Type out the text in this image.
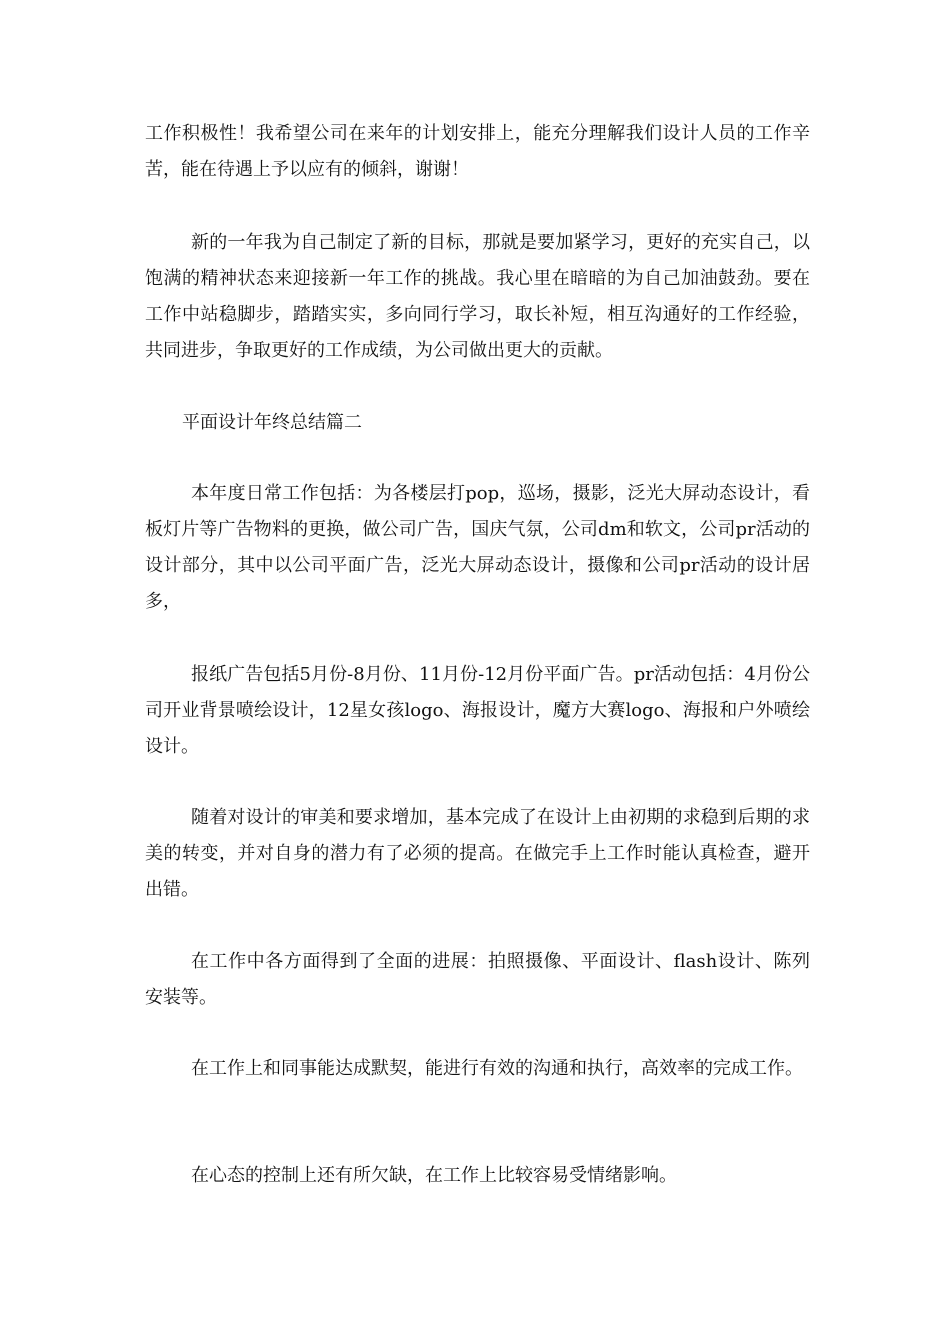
工作积极性！我希望公司在来年的计划安排上，能充分理解我们设计人员的工作辛苦，能在待遇上予以应有的倾斜，谢谢！

新的一年我为自己制定了新的目标，那就是要加紧学习，更好的充实自己，以饱满的精神状态来迎接新一年工作的挑战。我心里在暗暗的为自己加油鼓劲。要在工作中站稳脚步，踏踏实实，多向同行学习，取长补短，相互沟通好的工作经验，共同进步，争取更好的工作成绩，为公司做出更大的贡献。

平面设计年终总结篇二

本年度日常工作包括：为各楼层打pop，巡场，摄影，泛光大屏动态设计，看板灯片等广告物料的更换，做公司广告，国庆气氛，公司dm和软文，公司pr活动的设计部分，其中以公司平面广告，泛光大屏动态设计，摄像和公司pr活动的设计居多，

报纸广告包括5月份-8月份、11月份-12月份平面广告。pr活动包括：4月份公司开业背景喷绘设计，12星女孩logo、海报设计，魔方大赛logo、海报和户外喷绘设计。

随着对设计的审美和要求增加，基本完成了在设计上由初期的求稳到后期的求美的转变，并对自身的潜力有了必须的提高。在做完手上工作时能认真检查，避开出错。

在工作中各方面得到了全面的进展：拍照摄像、平面设计、flash设计、陈列安装等。

在工作上和同事能达成默契，能进行有效的沟通和执行，高效率的完成工作。

在心态的控制上还有所欠缺，在工作上比较容易受情绪影响。
